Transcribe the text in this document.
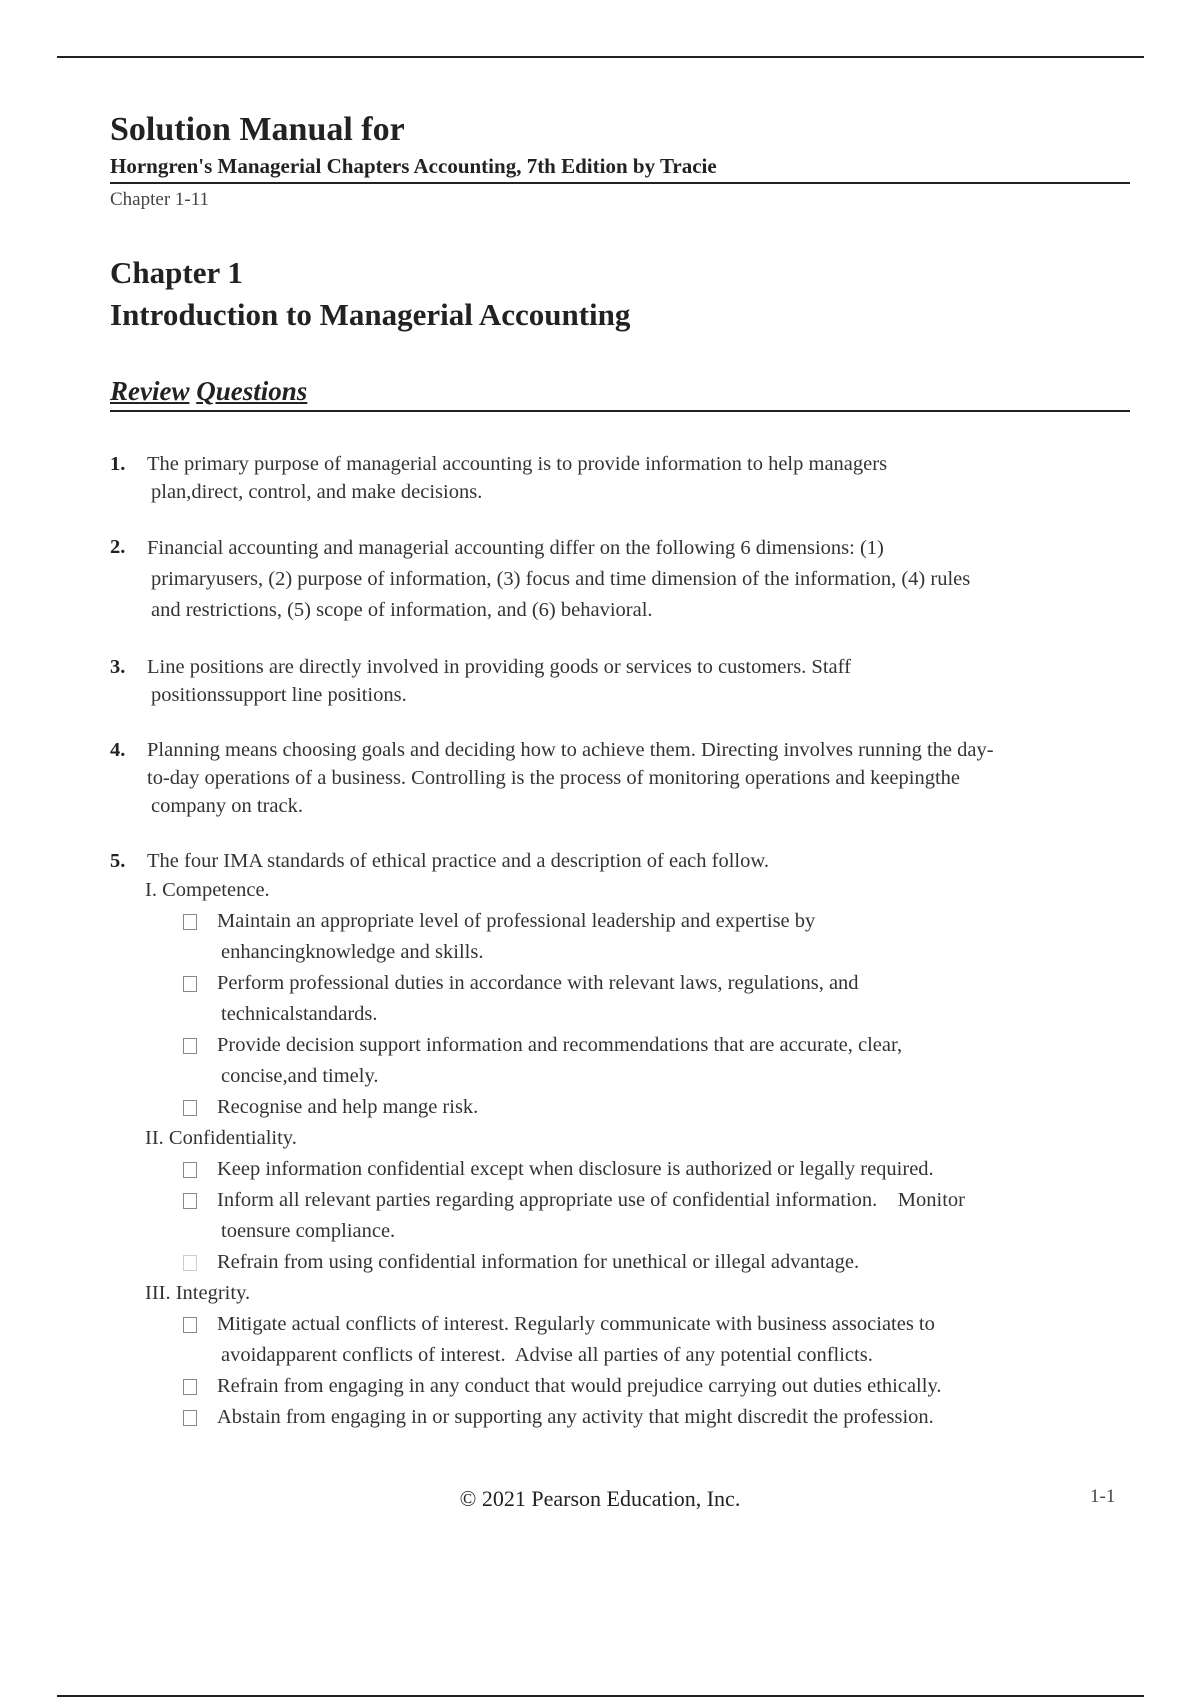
Solution Manual for
Horngren's Managerial Chapters Accounting, 7th Edition by Tracie
Chapter 1-11
Chapter 1
Introduction to Managerial Accounting
Review Questions
1.	The primary purpose of managerial accounting is to provide information to help managers
plan,direct, control, and make decisions.
2.	Financial accounting and managerial accounting differ on the following 6 dimensions: (1)
primaryusers, (2) purpose of information, (3) focus and time dimension of the information, (4) rules
and restrictions, (5) scope of information, and (6) behavioral.
3.	Line positions are directly involved in providing goods or services to customers. Staff
positionssupport line positions.
4.	Planning means choosing goals and deciding how to achieve them. Directing involves running the day-
to-day operations of a business. Controlling is the process of monitoring operations and keepingthe
company on track.
5.	The four IMA standards of ethical practice and a description of each follow.
I. Competence.
Maintain an appropriate level of professional leadership and expertise by
enhancingknowledge and skills.
Perform professional duties in accordance with relevant laws, regulations, and
technicalstandards.
Provide decision support information and recommendations that are accurate, clear,
concise,and timely.
Recognise and help mange risk.
II. Confidentiality.
Keep information confidential except when disclosure is authorized or legally required.
Inform all relevant parties regarding appropriate use of confidential information.    Monitor
toensure compliance.
Refrain from using confidential information for unethical or illegal advantage.
III. Integrity.
Mitigate actual conflicts of interest. Regularly communicate with business associates to
avoidapparent conflicts of interest.  Advise all parties of any potential conflicts.
Refrain from engaging in any conduct that would prejudice carrying out duties ethically.
Abstain from engaging in or supporting any activity that might discredit the profession.
© 2021 Pearson Education, Inc.	1-1
